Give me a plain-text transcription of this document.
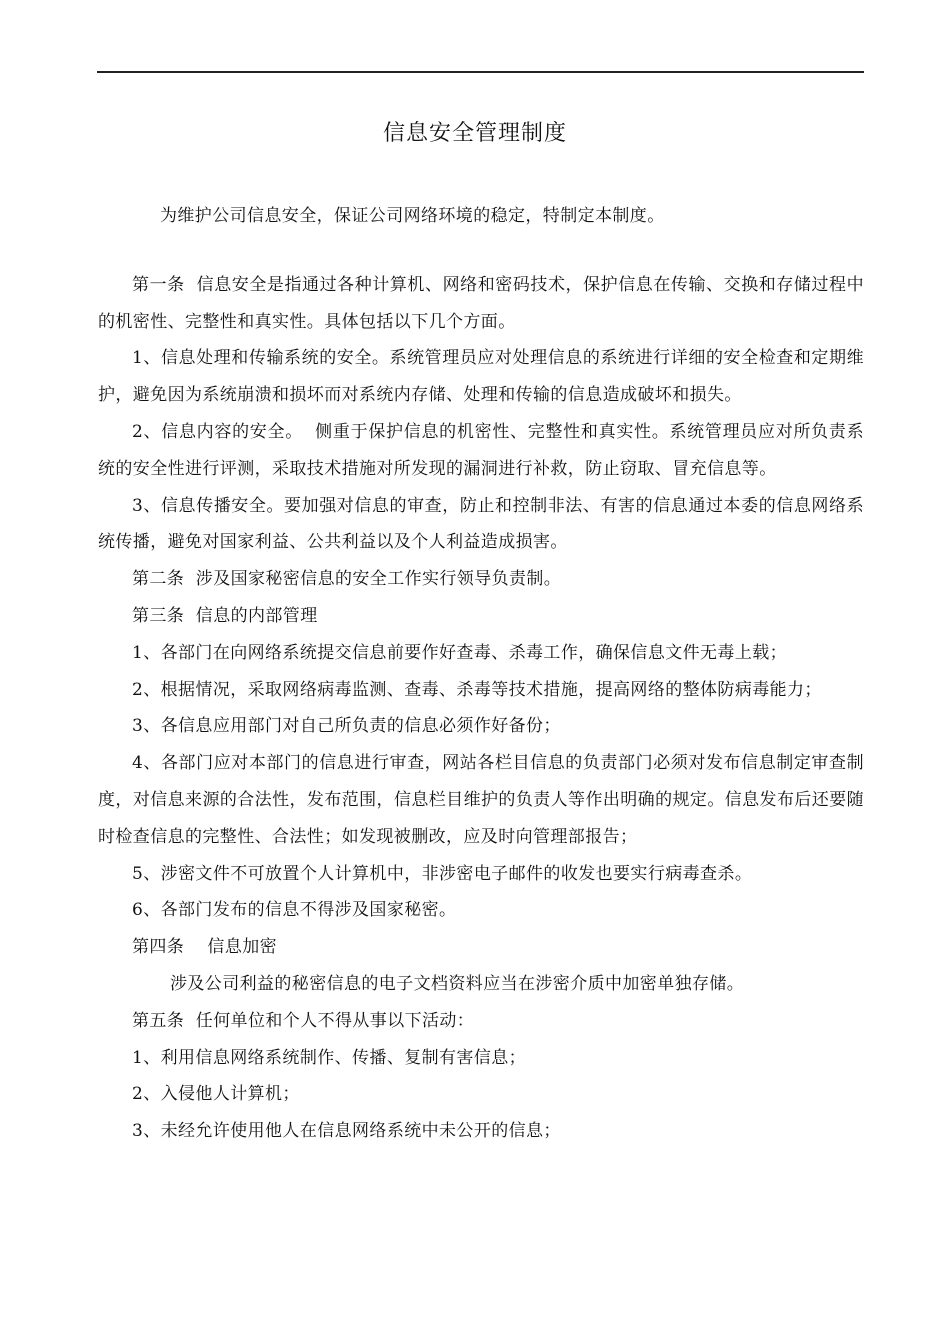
信息安全管理制度

为维护公司信息安全，保证公司网络环境的稳定，特制定本制度。

第一条  信息安全是指通过各种计算机、网络和密码技术，保护信息在传输、交换和存储过程中的机密性、完整性和真实性。具体包括以下几个方面。

1、信息处理和传输系统的安全。系统管理员应对处理信息的系统进行详细的安全检查和定期维护，避免因为系统崩溃和损坏而对系统内存储、处理和传输的信息造成破坏和损失。

2、信息内容的安全。  侧重于保护信息的机密性、完整性和真实性。系统管理员应对所负责系统的安全性进行评测，采取技术措施对所发现的漏洞进行补救，防止窃取、冒充信息等。

3、信息传播安全。要加强对信息的审查，防止和控制非法、有害的信息通过本委的信息网络系统传播，避免对国家利益、公共利益以及个人利益造成损害。

第二条  涉及国家秘密信息的安全工作实行领导负责制。

第三条  信息的内部管理

1、各部门在向网络系统提交信息前要作好查毒、杀毒工作，确保信息文件无毒上载；

2、根据情况，采取网络病毒监测、查毒、杀毒等技术措施，提高网络的整体防病毒能力；

3、各信息应用部门对自己所负责的信息必须作好备份；

4、各部门应对本部门的信息进行审查，网站各栏目信息的负责部门必须对发布信息制定审查制度，对信息来源的合法性，发布范围，信息栏目维护的负责人等作出明确的规定。信息发布后还要随时检查信息的完整性、合法性；如发现被删改，应及时向管理部报告；

5、涉密文件不可放置个人计算机中，非涉密电子邮件的收发也要实行病毒查杀。

6、各部门发布的信息不得涉及国家秘密。

第四条    信息加密

涉及公司利益的秘密信息的电子文档资料应当在涉密介质中加密单独存储。

第五条  任何单位和个人不得从事以下活动：

1、利用信息网络系统制作、传播、复制有害信息；

2、入侵他人计算机；

3、未经允许使用他人在信息网络系统中未公开的信息；
